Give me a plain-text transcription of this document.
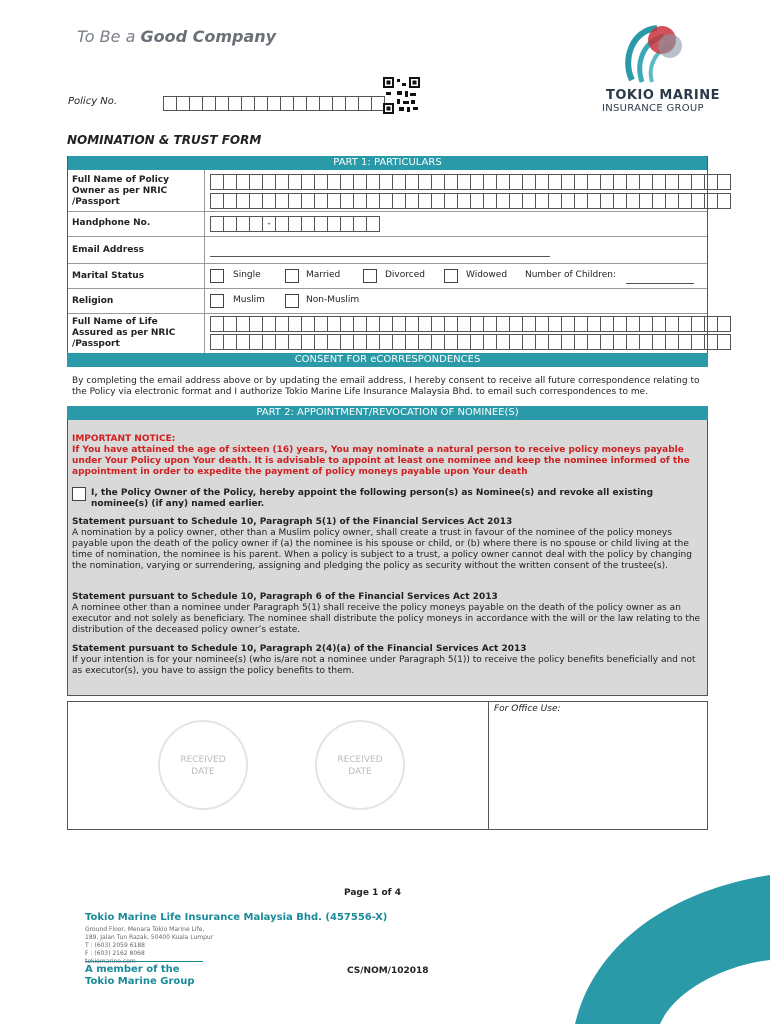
To Be a Good Company
TOKIO MARINE
INSURANCE GROUP
Policy No.
NOMINATION & TRUST FORM
PART 1: PARTICULARS
Full Name of Policy Owner as per NRIC /Passport
Handphone No.	-
Email Address
Marital Status	Single	Married	Divorced	Widowed Number of Children:
Religion	Muslim	Non-Muslim
Full Name of Life Assured as per NRIC /Passport
CONSENT FOR eCORRESPONDENCES
By completing the email address above or by updating the email address, I hereby consent to receive all future correspondence relating to the Policy via electronic format and I authorize Tokio Marine Life Insurance Malaysia Bhd. to email such correspondences to me.
PART 2: APPOINTMENT/REVOCATION OF NOMINEE(S)
IMPORTANT NOTICE:
If You have attained the age of sixteen (16) years, You may nominate a natural person to receive policy moneys payable under Your Policy upon Your death. It is advisable to appoint at least one nominee and keep the nominee informed of the appointment in order to expedite the payment of policy moneys payable upon Your death
I, the Policy Owner of the Policy, hereby appoint the following person(s) as Nominee(s) and revoke all existing nominee(s) (if any) named earlier.
Statement pursuant to Schedule 10, Paragraph 5(1) of the Financial Services Act 2013
A nomination by a policy owner, other than a Muslim policy owner, shall create a trust in favour of the nominee of the policy moneys payable upon the death of the policy owner if (a) the nominee is his spouse or child, or (b) where there is no spouse or child living at the time of nomination, the nominee is his parent. When a policy is subject to a trust, a policy owner cannot deal with the policy by changing the nomination, varying or surrendering, assigning and pledging the policy as security without the written consent of the trustee(s).
Statement pursuant to Schedule 10, Paragraph 6 of the Financial Services Act 2013
A nominee other than a nominee under Paragraph 5(1) shall receive the policy moneys payable on the death of the policy owner as an executor and not solely as beneficiary. The nominee shall distribute the policy moneys in accordance with the will or the law relating to the distribution of the deceased policy owner’s estate.
Statement pursuant to Schedule 10, Paragraph 2(4)(a) of the Financial Services Act 2013
If your intention is for your nominee(s) (who is/are not a nominee under Paragraph 5(1)) to receive the policy benefits beneficially and not as executor(s), you have to assign the policy benefits to them.
For Office Use:
RECEIVED
DATE
RECEIVED
DATE
Page 1 of 4
Tokio Marine Life Insurance Malaysia Bhd. (457556-X)
Ground Floor, Menara Tokio Marine Life,
189, Jalan Tun Razak, 50400 Kuala Lumpur
T : (603) 2059 6188
F : (603) 2162 8068
A member of the
Tokio Marine Group
CS/NOM/102018
